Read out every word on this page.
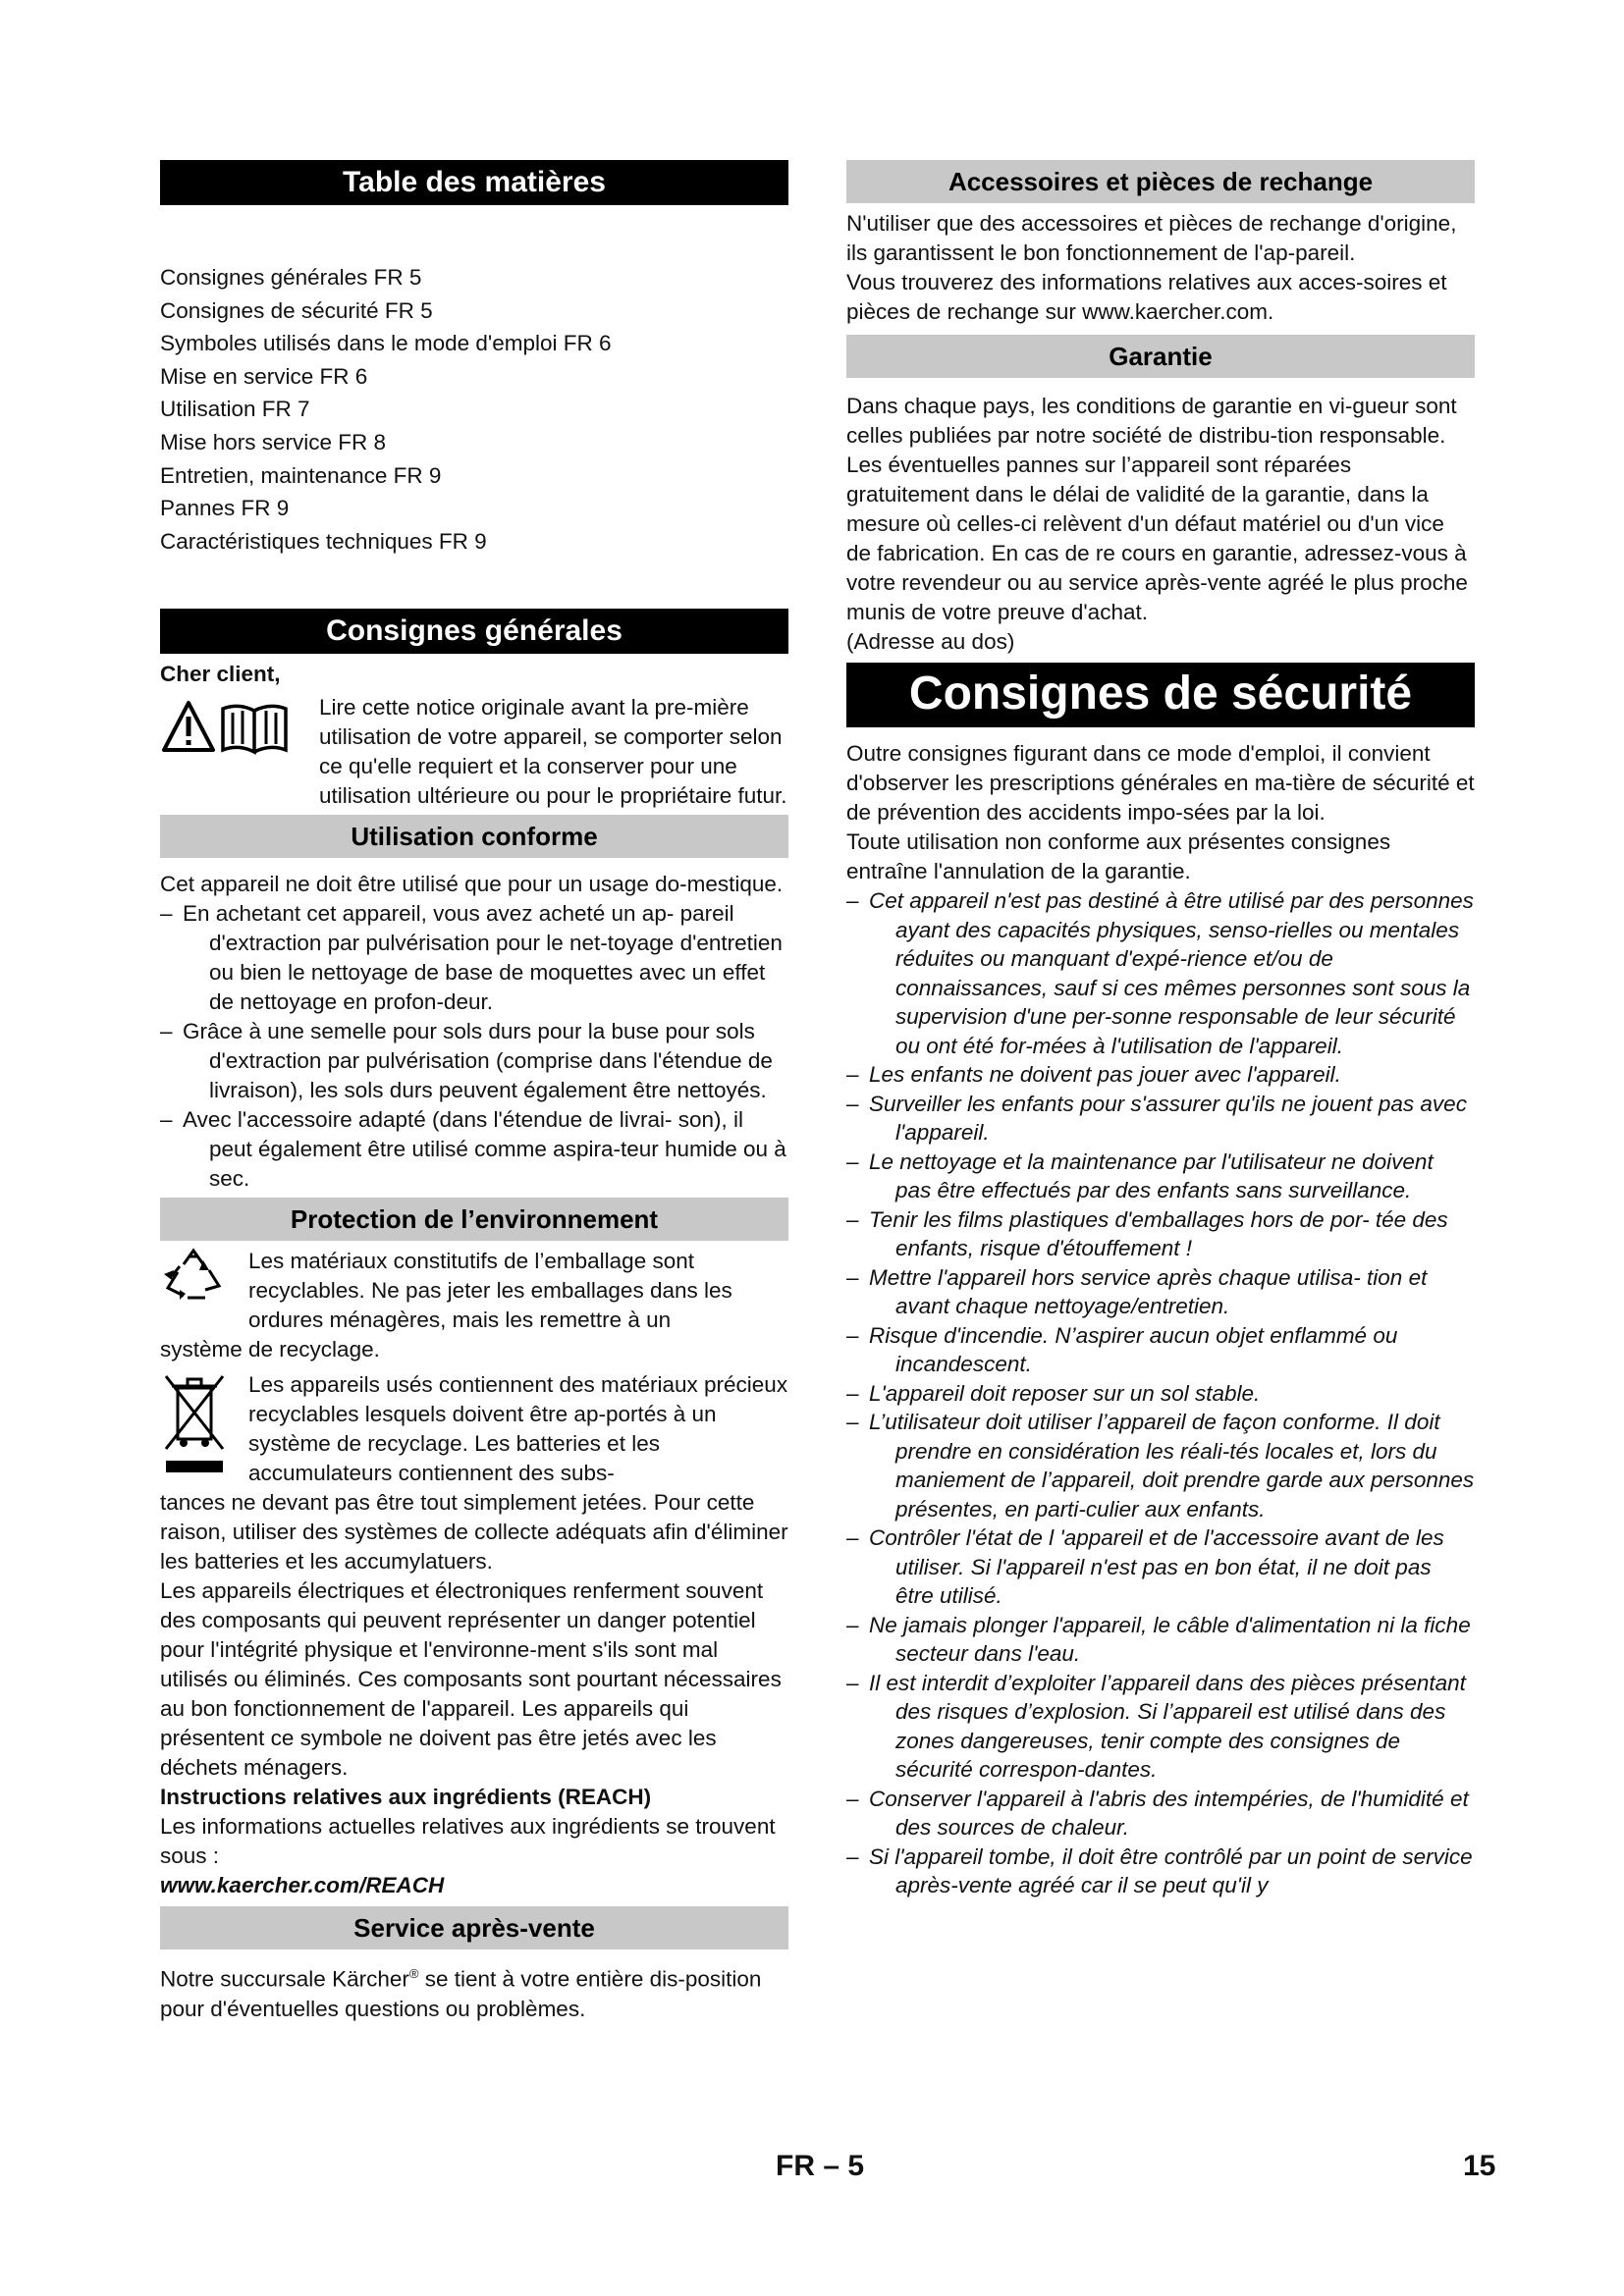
Table des matières
Consignes générales FR 5
Consignes de sécurité FR 5
Symboles utilisés dans le mode d'emploi FR 6
Mise en service FR 6
Utilisation FR 7
Mise hors service FR 8
Entretien, maintenance FR 9
Pannes FR 9
Caractéristiques techniques FR 9
Consignes générales

Cher client,

Lire cette notice originale avant la pre-mière utilisation de votre appareil, se comporter selon ce qu'elle requiert et la conserver pour une utilisation ultérieure ou pour le propriétaire futur.

Utilisation conforme

Cet appareil ne doit être utilisé que pour un usage do-mestique.

– En achetant cet appareil, vous avez acheté un ap- pareil d'extraction par pulvérisation pour le net-toyage d'entretien ou bien le nettoyage de base de moquettes avec un effet de nettoyage en profon-deur.
– Grâce à une semelle pour sols durs pour la buse pour sols d'extraction par pulvérisation (comprise dans l'étendue de livraison), les sols durs peuvent également être nettoyés.
– Avec l'accessoire adapté (dans l'étendue de livrai- son), il peut également être utilisé comme aspira-teur humide ou à sec.
Protection de l’environnement

Les matériaux constitutifs de l’emballage sont recyclables. Ne pas jeter les emballages dans les ordures ménagères, mais les remettre à un

système de recyclage.

Les appareils usés contiennent des matériaux précieux recyclables lesquels doivent être ap-portés à un système de recyclage. Les batteries et les accumulateurs contiennent des subs-

tances ne devant pas être tout simplement jetées. Pour cette raison, utiliser des systèmes de collecte adéquats afin d'éliminer les batteries et les accumylatuers.

Les appareils électriques et électroniques renferment souvent des composants qui peuvent représenter un danger potentiel pour l'intégrité physique et l'environne-ment s'ils sont mal utilisés ou éliminés. Ces composants sont pourtant nécessaires au bon fonctionnement de l'appareil. Les appareils qui présentent ce symbole ne doivent pas être jetés avec les déchets ménagers.

Instructions relatives aux ingrédients (REACH)

Les informations actuelles relatives aux ingrédients se trouvent sous :

www.kaercher.com/REACH

Service après-vente

Notre succursale Kärcher® se tient à votre entière dis-position pour d'éventuelles questions ou problèmes.

Accessoires et pièces de rechange

N'utiliser que des accessoires et pièces de rechange d'origine, ils garantissent le bon fonctionnement de l'ap-pareil.

Vous trouverez des informations relatives aux acces-soires et pièces de rechange sur www.kaercher.com.

Garantie

Dans chaque pays, les conditions de garantie en vi-gueur sont celles publiées par notre société de distribu-tion responsable. Les éventuelles pannes sur l’appareil sont réparées gratuitement dans le délai de validité de la garantie, dans la mesure où celles-ci relèvent d'un défaut matériel ou d'un vice de fabrication. En cas de re cours en garantie, adressez-vous à votre revendeur ou au service après-vente agréé le plus proche munis de votre preuve d'achat.

(Adresse au dos)

Consignes de sécurité

Outre consignes figurant dans ce mode d'emploi, il convient d'observer les prescriptions générales en ma-tière de sécurité et de prévention des accidents impo-sées par la loi.

Toute utilisation non conforme aux présentes consignes entraîne l'annulation de la garantie.

– Cet appareil n'est pas destiné à être utilisé par des personnes ayant des capacités physiques, senso-rielles ou mentales réduites ou manquant d'expé-rience et/ou de connaissances, sauf si ces mêmes personnes sont sous la supervision d'une per-sonne responsable de leur sécurité ou ont été for-mées à l'utilisation de l'appareil.
– Les enfants ne doivent pas jouer avec l'appareil.
– Surveiller les enfants pour s'assurer qu'ils ne jouent pas avec l'appareil.
– Le nettoyage et la maintenance par l'utilisateur ne doivent pas être effectués par des enfants sans surveillance.
– Tenir les films plastiques d'emballages hors de por- tée des enfants, risque d'étouffement !
– Mettre l'appareil hors service après chaque utilisa- tion et avant chaque nettoyage/entretien.
– Risque d'incendie. N’aspirer aucun objet enflammé ou incandescent.
– L'appareil doit reposer sur un sol stable.
– L’utilisateur doit utiliser l’appareil de façon conforme. Il doit prendre en considération les réali-tés locales et, lors du maniement de l’appareil, doit prendre garde aux personnes présentes, en parti-culier aux enfants.
– Contrôler l'état de l 'appareil et de l'accessoire avant de les utiliser. Si l'appareil n'est pas en bon état, il ne doit pas être utilisé.
– Ne jamais plonger l'appareil, le câble d'alimentation ni la fiche secteur dans l'eau.
– Il est interdit d’exploiter l’appareil dans des pièces présentant des risques d’explosion. Si l’appareil est utilisé dans des zones dangereuses, tenir compte des consignes de sécurité correspon-dantes.
– Conserver l'appareil à l'abris des intempéries, de l'humidité et des sources de chaleur.
– Si l'appareil tombe, il doit être contrôlé par un point de service après-vente agréé car il se peut qu'il y
FR – 5	15
